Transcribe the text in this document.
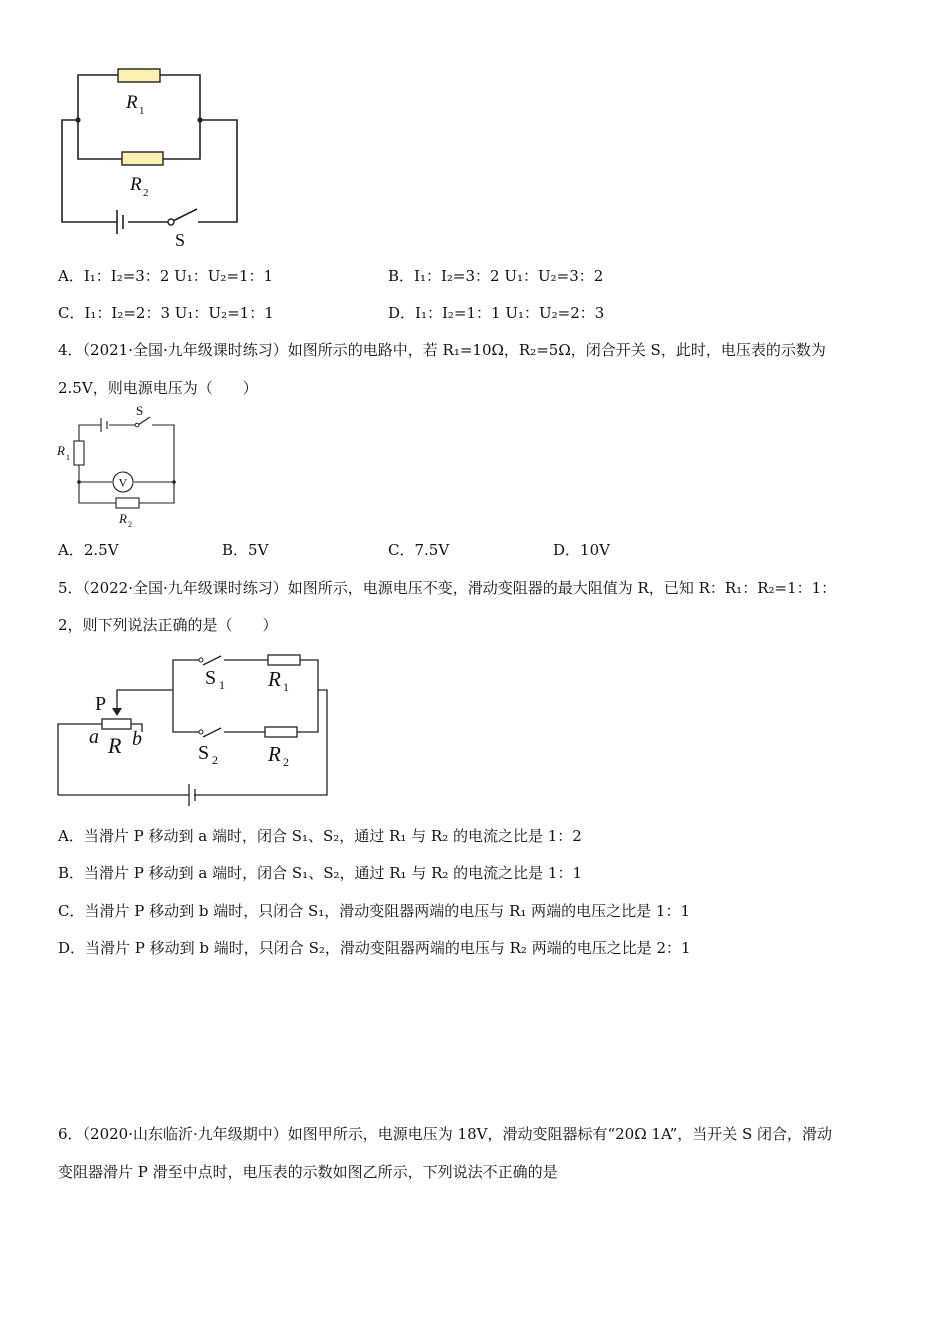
R 1
R 2
S
A．I₁：I₂=3：2 U₁：U₂=1：1	B．I₁：I₂=3：2 U₁：U₂=3：2
C．I₁：I₂=2：3 U₁：U₂=1：1	D．I₁：I₂=1：1 U₁：U₂=2：3
4．（2021·全国·九年级课时练习）如图所示的电路中，若 R₁=10Ω，R₂=5Ω，闭合开关 S，此时，电压表的示数为
2.5V，则电源电压为（　　）
S
R 1
V
R 2
A．2.5V	B．5V	C．7.5V	D．10V
5．（2022·全国·九年级课时练习）如图所示，电源电压不变，滑动变阻器的最大阻值为 R，已知 R：R₁：R₂=1：1：
2，则下列说法正确的是（　　）
P
a R b
S 1 R 1
S 2 R 2
A．当滑片 P 移动到 a 端时，闭合 S₁、S₂，通过 R₁ 与 R₂ 的电流之比是 1：2
B．当滑片 P 移动到 a 端时，闭合 S₁、S₂，通过 R₁ 与 R₂ 的电流之比是 1：1
C．当滑片 P 移动到 b 端时，只闭合 S₁，滑动变阻器两端的电压与 R₁ 两端的电压之比是 1：1
D．当滑片 P 移动到 b 端时，只闭合 S₂，滑动变阻器两端的电压与 R₂ 两端的电压之比是 2：1
6．（2020·山东临沂·九年级期中）如图甲所示，电源电压为 18V，滑动变阻器标有“20Ω 1A”，当开关 S 闭合，滑动
变阻器滑片 P 滑至中点时，电压表的示数如图乙所示，下列说法不正确的是
